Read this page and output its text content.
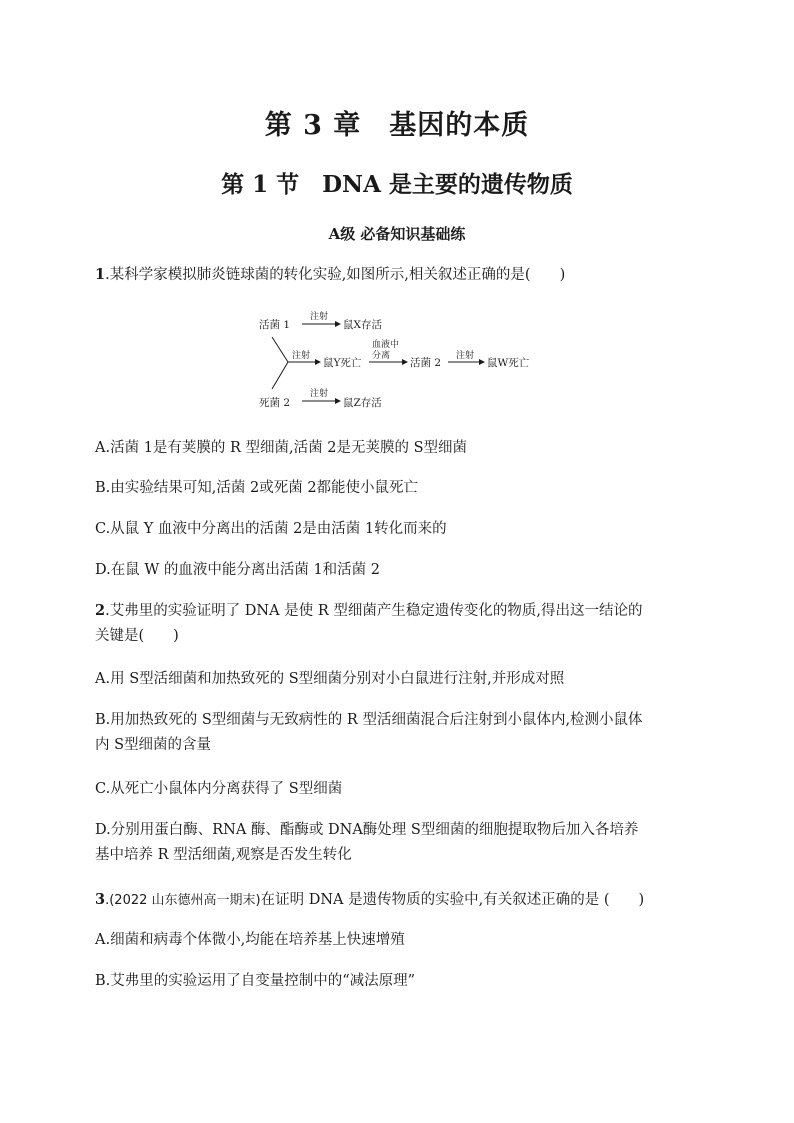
第 3 章　基因的本质
第 1 节　DNA 是主要的遗传物质
A级 必备知识基础练
1.某科学家模拟肺炎链球菌的转化实验,如图所示,相关叙述正确的是(　　)
活菌 1
注射
鼠X存活
注射
鼠Y死亡
血液中
分离
活菌 2
注射
鼠W死亡
死菌 2
注射
鼠Z存活
A.活菌 1是有荚膜的 R 型细菌,活菌 2是无荚膜的 S型细菌
B.由实验结果可知,活菌 2或死菌 2都能使小鼠死亡
C.从鼠 Y 血液中分离出的活菌 2是由活菌 1转化而来的
D.在鼠 W 的血液中能分离出活菌 1和活菌 2
2.艾弗里的实验证明了 DNA 是使 R 型细菌产生稳定遗传变化的物质,得出这一结论的
关键是(　　)
A.用 S型活细菌和加热致死的 S型细菌分别对小白鼠进行注射,并形成对照
B.用加热致死的 S型细菌与无致病性的 R 型活细菌混合后注射到小鼠体内,检测小鼠体
内 S型细菌的含量
C.从死亡小鼠体内分离获得了 S型细菌
D.分别用蛋白酶、RNA 酶、酯酶或 DNA酶处理 S型细菌的细胞提取物后加入各培养
基中培养 R 型活细菌,观察是否发生转化
3.(2022 山东德州高一期末)在证明 DNA 是遗传物质的实验中,有关叙述正确的是 (　　)
A.细菌和病毒个体微小,均能在培养基上快速增殖
B.艾弗里的实验运用了自变量控制中的“减法原理”
